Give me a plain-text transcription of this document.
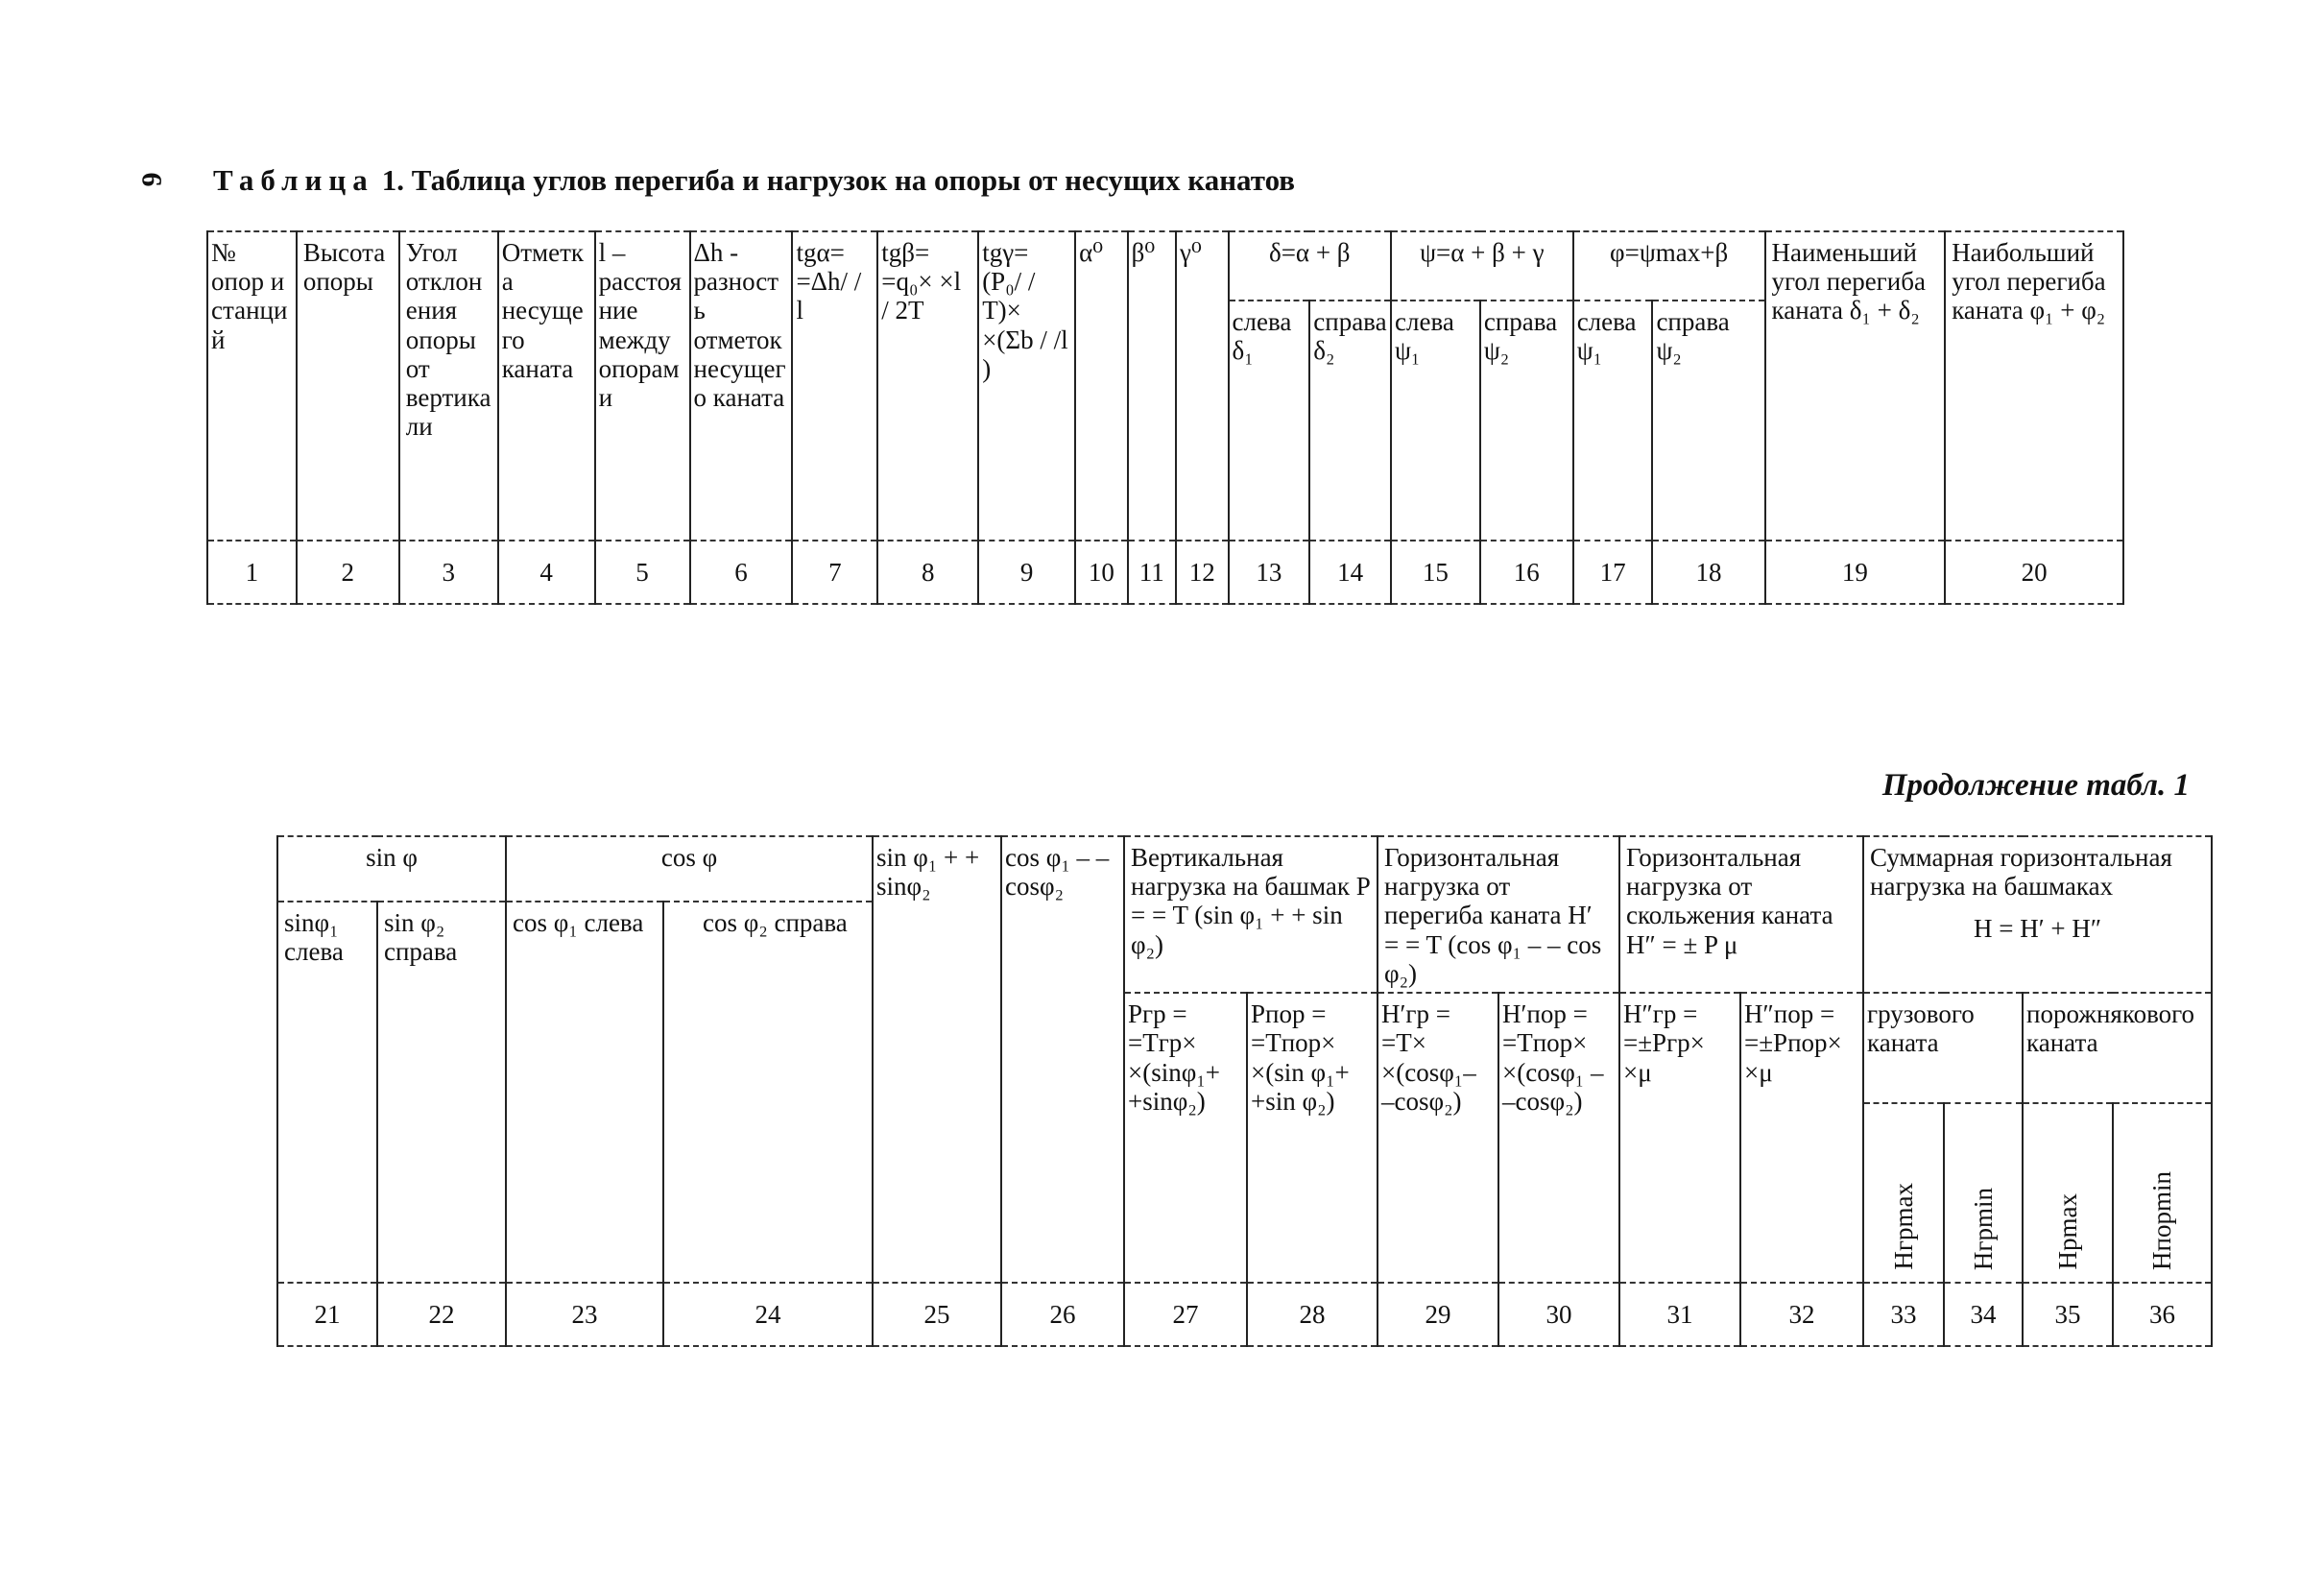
6 Таблица 1. Таблица углов перегиба и нагрузок на опоры от несущих канатов
№ опор и станций	Высота опоры	Угол отклонения опоры от вертикали	Отметка несущего каната	l – расстояние между опорами	Δh - разность отметок несущего каната	tgα= =Δh/ / l	tgβ= =q₀× ×l / 2T	tgγ= (P₀/ / T)× ×(Σb / /l )	α⁰	β⁰	γ⁰	δ=α + β		ψ=α + β + γ		φ=ψmax+β		Наименьший угол перегиба каната δ₁ + δ₂	Наибольший угол перегиба каната φ₁ + φ₂
												слева δ₁	справа δ₂	слева ψ₁	справа ψ₂	слева ψ₁	справа ψ₂		
1	2	3	4	5	6	7	8	9	10	11	12	13	14	15	16	17	18	19	20
Продолжение табл. 1
sin φ		cos φ		sin φ₁ + + sinφ₂	cos φ₁ – –cosφ₂	Вертикальная нагрузка на башмак P = = T (sin φ₁ + + sin φ₂)		Горизонтальная нагрузка от перегиба каната H′ = = T (cos φ₁ – – cos φ₂)		Горизонтальная нагрузка от скольжения каната H″ = ± P μ		Суммарная горизонтальная нагрузка на башмаках
H = H′ + H″			

sinφ₁ слева	sin φ₂ справа	cos φ₁ слева	cos φ₂ справа												
						Pгр = =Tгр× ×(sinφ₁+ +sinφ₂)	Pпор = =Tпор× ×(sin φ₁+ +sin φ₂)	H′гр = =T× ×(cosφ₁– –cosφ₂)	H′пор = =Tпор× ×(cosφ₁ – –cosφ₂)	H″гр = =±Pгр× ×μ	H″пор = =±Pпор× ×μ	грузового каната		порожнякового каната	
												Hгрmax	Hгрmin	Hpmax	Hпорmin
21	22	23	24	25	26	27	28	29	30	31	32	33	34	35	36
